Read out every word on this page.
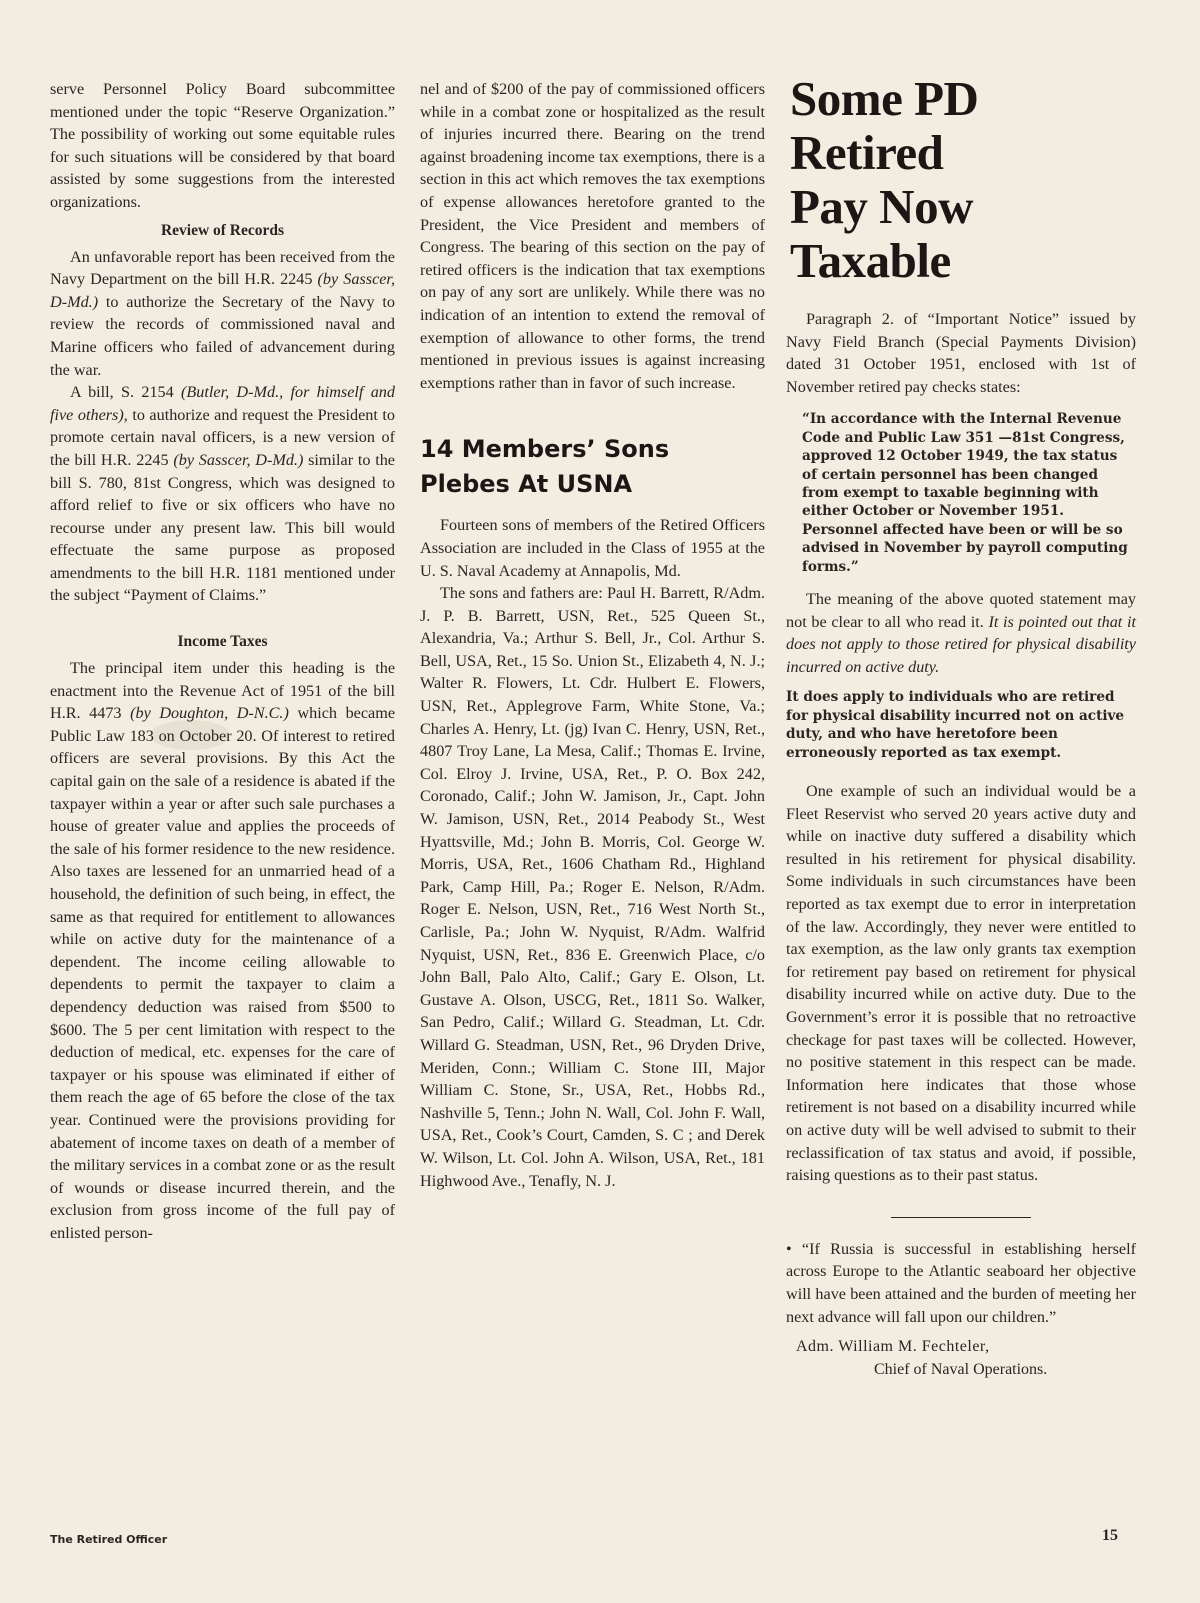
serve Personnel Policy Board subcommittee mentioned under the topic “Reserve Organization.” The possibility of working out some equitable rules for such situations will be considered by that board assisted by some suggestions from the interested organizations.

Review of Records

An unfavorable report has been received from the Navy Department on the bill H.R. 2245 (by Sasscer, D-Md.) to authorize the Secretary of the Navy to review the records of commissioned naval and Marine officers who failed of advancement during the war.

A bill, S. 2154 (Butler, D-Md., for himself and five others), to authorize and request the President to promote certain naval officers, is a new version of the bill H.R. 2245 (by Sasscer, D-Md.) similar to the bill S. 780, 81st Congress, which was designed to afford relief to five or six officers who have no recourse under any present law. This bill would effectuate the same purpose as proposed amendments to the bill H.R. 1181 mentioned under the subject “Payment of Claims.”

Income Taxes

The principal item under this heading is the enactment into the Revenue Act of 1951 of the bill H.R. 4473 (by Doughton, D-N.C.) which became Public Law 183 on October 20. Of interest to retired officers are several provisions. By this Act the capital gain on the sale of a residence is abated if the taxpayer within a year or after such sale purchases a house of greater value and applies the proceeds of the sale of his former residence to the new residence. Also taxes are lessened for an unmarried head of a household, the definition of such being, in effect, the same as that required for entitlement to allowances while on active duty for the maintenance of a dependent. The income ceiling allowable to dependents to permit the taxpayer to claim a dependency deduction was raised from $500 to $600. The 5 per cent limitation with respect to the deduction of medical, etc. expenses for the care of taxpayer or his spouse was eliminated if either of them reach the age of 65 before the close of the tax year. Continued were the provisions providing for abatement of income taxes on death of a member of the military services in a combat zone or as the result of wounds or disease incurred therein, and the exclusion from gross income of the full pay of enlisted person-

nel and of $200 of the pay of commissioned officers while in a combat zone or hospitalized as the result of injuries incurred there. Bearing on the trend against broadening income tax exemptions, there is a section in this act which removes the tax exemptions of expense allowances heretofore granted to the President, the Vice President and members of Congress. The bearing of this section on the pay of retired officers is the indication that tax exemptions on pay of any sort are unlikely. While there was no indication of an intention to extend the removal of exemption of allowance to other forms, the trend mentioned in previous issues is against increasing exemptions rather than in favor of such increase.

14 Members’ Sons
Plebes At USNA

Fourteen sons of members of the Retired Officers Association are included in the Class of 1955 at the U. S. Naval Academy at Annapolis, Md.

The sons and fathers are: Paul H. Barrett, R/Adm. J. P. B. Barrett, USN, Ret., 525 Queen St., Alexandria, Va.; Arthur S. Bell, Jr., Col. Arthur S. Bell, USA, Ret., 15 So. Union St., Elizabeth 4, N. J.; Walter R. Flowers, Lt. Cdr. Hulbert E. Flowers, USN, Ret., Applegrove Farm, White Stone, Va.; Charles A. Henry, Lt. (jg) Ivan C. Henry, USN, Ret., 4807 Troy Lane, La Mesa, Calif.; Thomas E. Irvine, Col. Elroy J. Irvine, USA, Ret., P. O. Box 242, Coronado, Calif.; John W. Jamison, Jr., Capt. John W. Jamison, USN, Ret., 2014 Peabody St., West Hyattsville, Md.; John B. Morris, Col. George W. Morris, USA, Ret., 1606 Chatham Rd., Highland Park, Camp Hill, Pa.; Roger E. Nelson, R/Adm. Roger E. Nelson, USN, Ret., 716 West North St., Carlisle, Pa.; John W. Nyquist, R/Adm. Walfrid Nyquist, USN, Ret., 836 E. Greenwich Place, c/o John Ball, Palo Alto, Calif.; Gary E. Olson, Lt. Gustave A. Olson, USCG, Ret., 1811 So. Walker, San Pedro, Calif.; Willard G. Steadman, Lt. Cdr. Willard G. Steadman, USN, Ret., 96 Dryden Drive, Meriden, Conn.; William C. Stone III, Major William C. Stone, Sr., USA, Ret., Hobbs Rd., Nashville 5, Tenn.; John N. Wall, Col. John F. Wall, USA, Ret., Cook’s Court, Camden, S. C ; and Derek W. Wilson, Lt. Col. John A. Wilson, USA, Ret., 181 Highwood Ave., Tenafly, N. J.

Some PD Retired
Pay Now Taxable

Paragraph 2. of “Important Notice” issued by Navy Field Branch (Special Payments Division) dated 31 October 1951, enclosed with 1st of November retired pay checks states:

“In accordance with the Internal Revenue Code and Public Law 351 —81st Congress, approved 12 October 1949, the tax status of certain personnel has been changed from exempt to taxable beginning with either October or November 1951. Personnel affected have been or will be so advised in November by payroll computing forms.”

The meaning of the above quoted statement may not be clear to all who read it. It is pointed out that it does not apply to those retired for physical disability incurred on active duty.

It does apply to individuals who are retired for physical disability incurred not on active duty, and who have heretofore been erroneously reported as tax exempt.

One example of such an individual would be a Fleet Reservist who served 20 years active duty and while on inactive duty suffered a disability which resulted in his retirement for physical disability. Some individuals in such circumstances have been reported as tax exempt due to error in interpretation of the law. Accordingly, they never were entitled to tax exemption, as the law only grants tax exemption for retirement pay based on retirement for physical disability incurred while on active duty. Due to the Government’s error it is possible that no retroactive checkage for past taxes will be collected. However, no positive statement in this respect can be made. Information here indicates that those whose retirement is not based on a disability incurred while on active duty will be well advised to submit to their reclassification of tax status and avoid, if possible, raising questions as to their past status.

• “If Russia is successful in establishing herself across Europe to the Atlantic seaboard her objective will have been attained and the burden of meeting her next advance will fall upon our children.”

Adm. William M. Fechteler,
Chief of Naval Operations.
The Retired Officer	15
